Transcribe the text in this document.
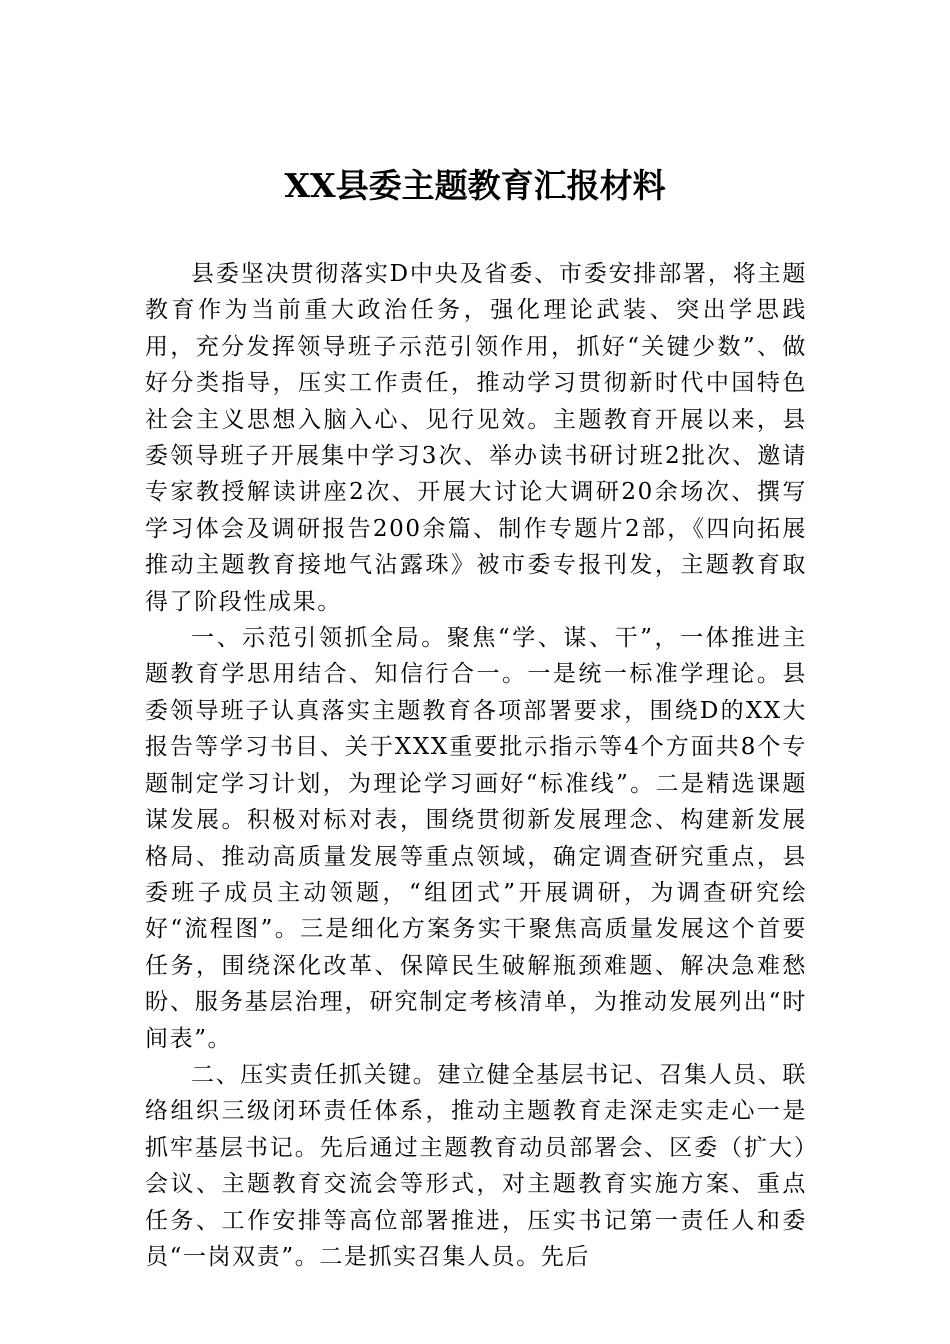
XX县委主题教育汇报材料

县委坚决贯彻落实D中央及省委、市委安排部署，将主题教育作为当前重大政治任务，强化理论武装、突出学思践用，充分发挥领导班子示范引领作用，抓好“关键少数”、做好分类指导，压实工作责任，推动学习贯彻新时代中国特色社会主义思想入脑入心、见行见效。主题教育开展以来，县委领导班子开展集中学习3次、举办读书研讨班2批次、邀请专家教授解读讲座2次、开展大讨论大调研20余场次、撰写学习体会及调研报告200余篇、制作专题片2部，《四向拓展推动主题教育接地气沾露珠》被市委专报刊发，主题教育取得了阶段性成果。

一、示范引领抓全局。聚焦“学、谋、干”，一体推进主题教育学思用结合、知信行合一。一是统一标准学理论。县委领导班子认真落实主题教育各项部署要求，围绕D的XX大报告等学习书目、关于XXX重要批示指示等4个方面共8个专题制定学习计划，为理论学习画好“标准线”。二是精选课题谋发展。积极对标对表，围绕贯彻新发展理念、构建新发展格局、推动高质量发展等重点领域，确定调查研究重点，县委班子成员主动领题，“组团式”开展调研，为调查研究绘好“流程图”。三是细化方案务实干聚焦高质量发展这个首要任务，围绕深化改革、保障民生破解瓶颈难题、解决急难愁盼、服务基层治理，研究制定考核清单，为推动发展列出“时间表”。

二、压实责任抓关键。建立健全基层书记、召集人员、联络组织三级闭环责任体系，推动主题教育走深走实走心一是抓牢基层书记。先后通过主题教育动员部署会、区委（扩大）会议、主题教育交流会等形式，对主题教育实施方案、重点任务、工作安排等高位部署推进，压实书记第一责任人和委员“一岗双责”。二是抓实召集人员。先后
